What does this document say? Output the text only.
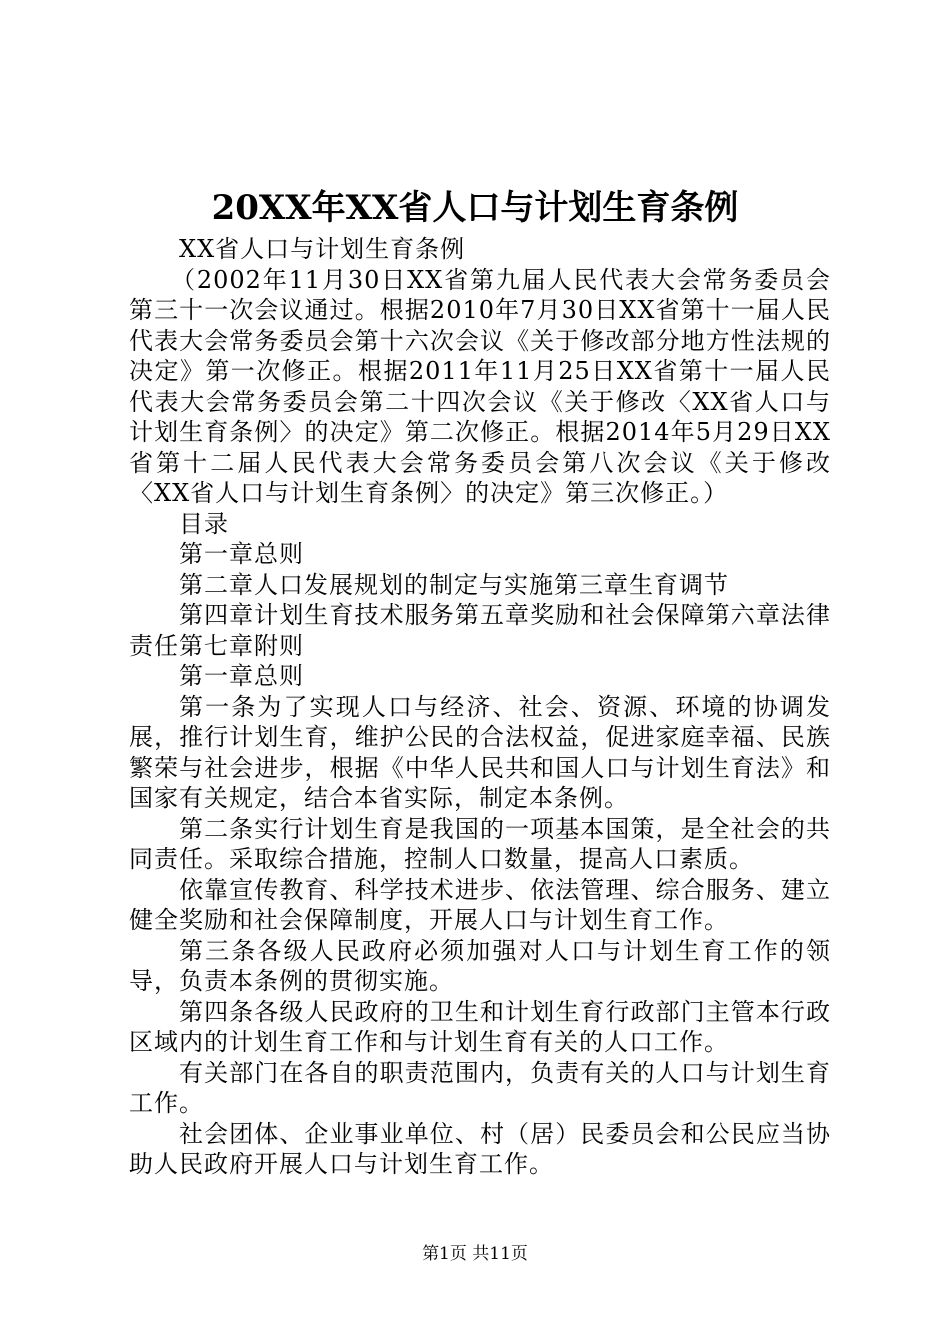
20XX年XX省人口与计划生育条例

XX省人口与计划生育条例

（2002年11月30日XX省第九届人民代表大会常务委员会第三十一次会议通过。根据2010年7月30日XX省第十一届人民代表大会常务委员会第十六次会议《关于修改部分地方性法规的决定》第一次修正。根据2011年11月25日XX省第十一届人民代表大会常务委员会第二十四次会议《关于修改〈XX省人口与计划生育条例〉的决定》第二次修正。根据2014年5月29日XX省第十二届人民代表大会常务委员会第八次会议《关于修改〈XX省人口与计划生育条例〉的决定》第三次修正。）

目录

第一章总则

第二章人口发展规划的制定与实施第三章生育调节

第四章计划生育技术服务第五章奖励和社会保障第六章法律责任第七章附则

第一章总则

第一条为了实现人口与经济、社会、资源、环境的协调发展，推行计划生育，维护公民的合法权益，促进家庭幸福、民族繁荣与社会进步，根据《中华人民共和国人口与计划生育法》和国家有关规定，结合本省实际，制定本条例。

第二条实行计划生育是我国的一项基本国策，是全社会的共同责任。采取综合措施，控制人口数量，提高人口素质。

依靠宣传教育、科学技术进步、依法管理、综合服务、建立健全奖励和社会保障制度，开展人口与计划生育工作。

第三条各级人民政府必须加强对人口与计划生育工作的领导，负责本条例的贯彻实施。

第四条各级人民政府的卫生和计划生育行政部门主管本行政区域内的计划生育工作和与计划生育有关的人口工作。

有关部门在各自的职责范围内，负责有关的人口与计划生育工作。

社会团体、企业事业单位、村（居）民委员会和公民应当协助人民政府开展人口与计划生育工作。

第1页 共11页
